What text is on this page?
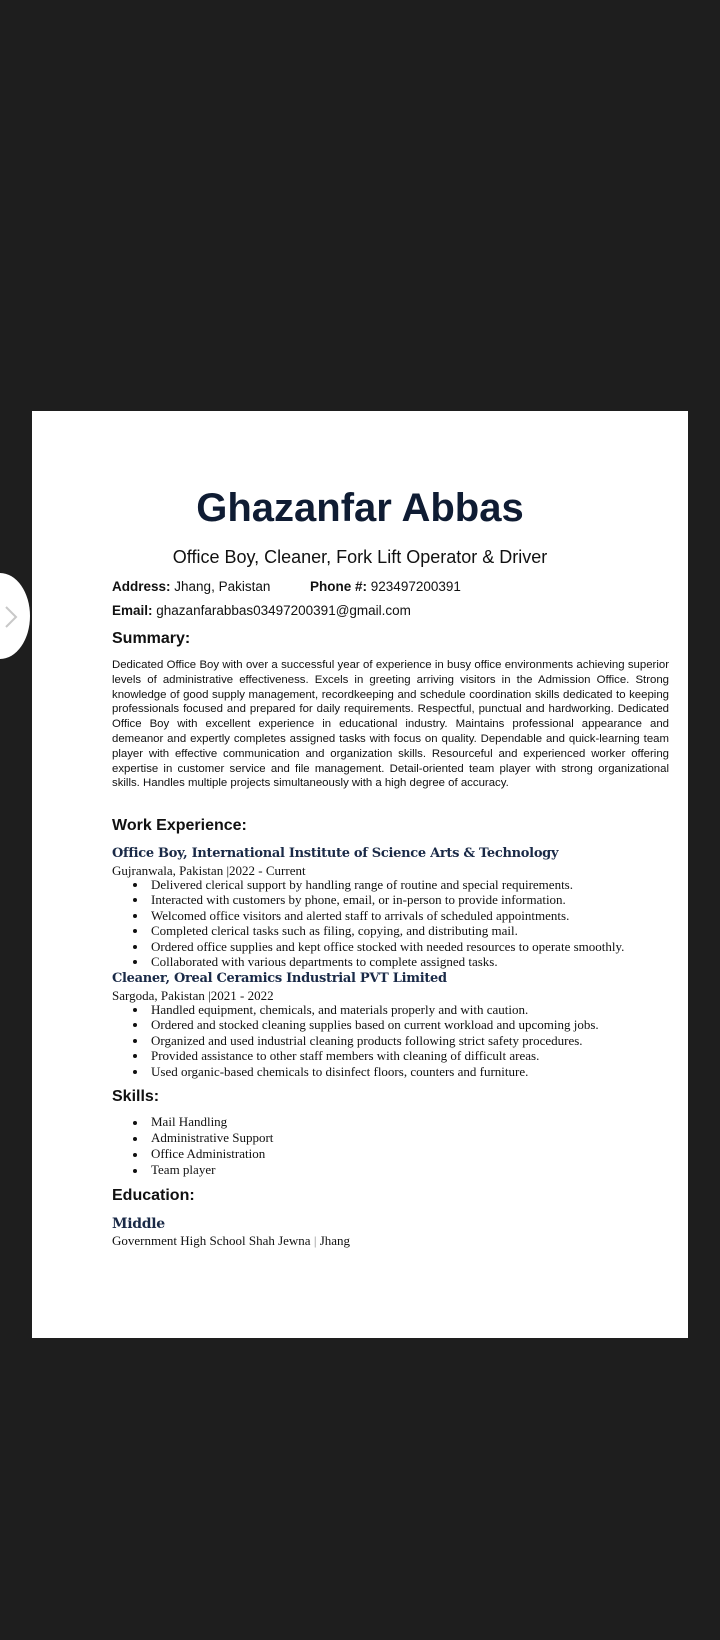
Ghazanfar Abbas
Office Boy, Cleaner, Fork Lift Operator & Driver
Address: Jhang, Pakistan	Phone #: 923497200391
Email: ghazanfarabbas03497200391@gmail.com
Summary:
Dedicated Office Boy with over a successful year of experience in busy office environments achieving superior levels of administrative effectiveness. Excels in greeting arriving visitors in the Admission Office. Strong knowledge of good supply management, recordkeeping and schedule coordination skills dedicated to keeping professionals focused and prepared for daily requirements. Respectful, punctual and hardworking. Dedicated Office Boy with excellent experience in educational industry. Maintains professional appearance and demeanor and expertly completes assigned tasks with focus on quality. Dependable and quick-learning team player with effective communication and organization skills. Resourceful and experienced worker offering expertise in customer service and file management. Detail-oriented team player with strong organizational skills. Handles multiple projects simultaneously with a high degree of accuracy.
Work Experience:
Office Boy, International Institute of Science Arts & Technology
Gujranwala, Pakistan |2022 - Current
Delivered clerical support by handling range of routine and special requirements.
Interacted with customers by phone, email, or in-person to provide information.
Welcomed office visitors and alerted staff to arrivals of scheduled appointments.
Completed clerical tasks such as filing, copying, and distributing mail.
Ordered office supplies and kept office stocked with needed resources to operate smoothly.
Collaborated with various departments to complete assigned tasks.
Cleaner, Oreal Ceramics Industrial PVT Limited
Sargoda, Pakistan |2021 - 2022
Handled equipment, chemicals, and materials properly and with caution.
Ordered and stocked cleaning supplies based on current workload and upcoming jobs.
Organized and used industrial cleaning products following strict safety procedures.
Provided assistance to other staff members with cleaning of difficult areas.
Used organic-based chemicals to disinfect floors, counters and furniture.
Skills:
Mail Handling
Administrative Support
Office Administration
Team player
Education:
Middle
Government High School Shah Jewna | Jhang
